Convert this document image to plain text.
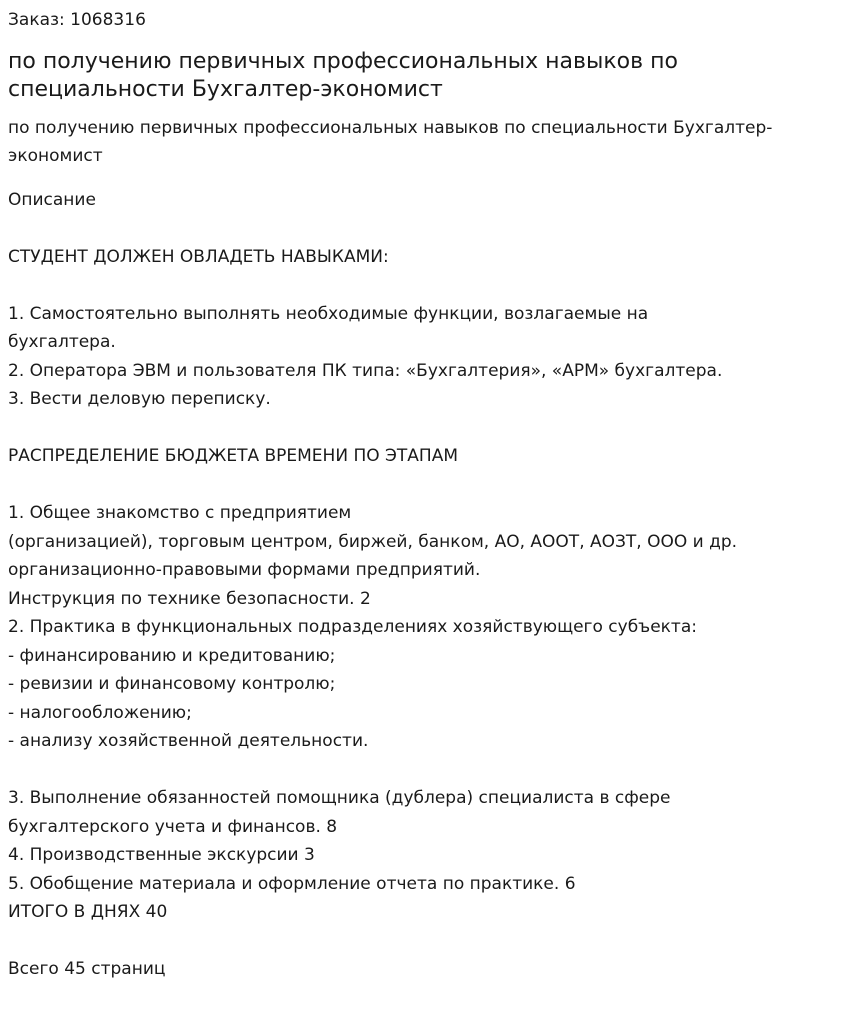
Заказ: 1068316
по получению первичных профессиональных навыков по специальности Бухгалтер-экономист
по получению первичных профессиональных навыков по специальности Бухгалтер-экономист
Описание
СТУДЕНТ ДОЛЖЕН ОВЛАДЕТЬ НАВЫКАМИ:
1. Самостоятельно выполнять необходимые функции, возлагаемые на
бухгалтера.
2. Оператора ЭВМ и пользователя ПК типа: «Бухгалтерия», «АРМ» бухгалтера.
3. Вести деловую переписку.
РАСПРЕДЕЛЕНИЕ БЮДЖЕТА ВРЕМЕНИ ПО ЭТАПАМ
1. Общее знакомство с предприятием
(организацией), торговым центром, биржей, банком, АО, АООТ, АОЗТ, ООО и др.
организационно-правовыми формами предприятий.
Инструкция по технике безопасности. 2
2. Практика в функциональных подразделениях хозяйствующего субъекта:
- финансированию и кредитованию;
- ревизии и финансовому контролю;
- налогообложению;
- анализу хозяйственной деятельности.
3. Выполнение обязанностей помощника (дублера) специалиста в сфере
бухгалтерского учета и финансов. 8
4. Производственные экскурсии 3
5. Обобщение материала и оформление отчета по практике. 6
ИТОГО В ДНЯХ 40
Всего 45 страниц
